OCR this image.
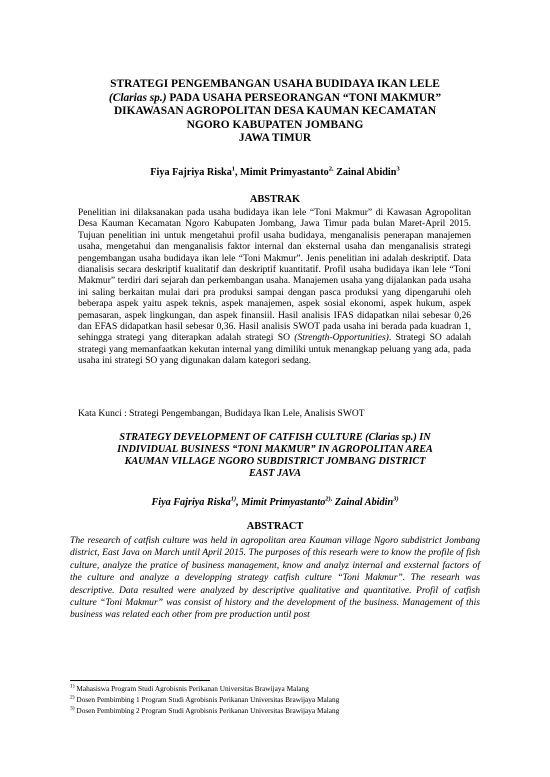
STRATEGI PENGEMBANGAN USAHA BUDIDAYA IKAN LELE
(Clarias sp.) PADA USAHA PERSEORANGAN “TONI MAKMUR”
DIKAWASAN AGROPOLITAN DESA KAUMAN KECAMATAN
NGORO KABUPATEN JOMBANG
JAWA TIMUR
Fiya Fajriya Riska$^1$, Mimit Primyastanto$^{2,}$ Zainal Abidin$^3$
ABSTRAK

Penelitian ini dilaksanakan pada usaha budidaya ikan lele “Toni Makmur” di Kawasan Agropolitan Desa Kauman Kecamatan Ngoro Kabupaten Jombang, Jawa Timur pada bulan Maret-April 2015. Tujuan penelitian ini untuk mengetahui profil usaha budidaya, menganalisis penerapan manajemen usaha, mengetahui dan menganalisis faktor internal dan eksternal usaha dan menganalisis strategi pengembangan usaha budidaya ikan lele “Toni Makmur”. Jenis penelitian ini adalah deskriptif. Data dianalisis secara deskriptif kualitatif dan deskriptif kuantitatif. Profil usaha budidaya ikan lele “Toni Makmur” terdiri dari sejarah dan perkembangan usaha. Manajemen usaha yang dijalankan pada usaha ini saling berkaitan mulai dari pra produksi sampai dengan pasca produksi yang dipengaruhi oleh beberapa aspek yaitu aspek teknis, aspek manajemen, aspek sosial ekonomi, aspek hukum, aspek pemasaran, aspek lingkungan, dan aspek finansiil. Hasil analisis IFAS didapatkan nilai sebesar 0,26 dan EFAS didapatkan hasil sebesar 0,36. Hasil analisis SWOT pada usaha ini berada pada kuadran 1, sehingga strategi yang diterapkan adalah strategi SO (Strength-Opportunities). Strategi SO adalah strategi yang memanfaatkan kekutan internal yang dimiliki untuk menangkap peluang yang ada, pada usaha ini strategi SO yang digunakan dalam kategori sedang.

Kata Kunci : Strategi Pengembangan, Budidaya Ikan Lele, Analisis SWOT
STRATEGY DEVELOPMENT OF CATFISH CULTURE (Clarias sp.) IN
INDIVIDUAL BUSINESS “TONI MAKMUR” IN AGROPOLITAN AREA
KAUMAN VILLAGE NGORO SUBDISTRICT JOMBANG DISTRICT
EAST JAVA
Fiya Fajriya Riska$^{1)}$, Mimit Primyastanto$^{2),}$ Zainal Abidin$^{3)}$
ABSTRACT

The research of catfish culture was held in agropolitan area Kauman village Ngoro subdistrict Jombang district, East Java on March until April 2015. The purposes of this researh were to know the profile of fish culture, analyze the pratice of business management, know and analyz internal and exsternal factors of the culture and analyze a developping strategy catfish culture “Toni Makmur”. The researh was descriptive. Data resulted were analyzed by descriptive qualitative and quantitative. Profil of catfish culture “Toni Makmur” was consist of history and the development of the business. Management of this business was related each other from pre production until post

$^{1)}$ Mahasiswa Program Studi Agrobisnis Perikanan Universitas Brawijaya Malang
$^{2)}$ Dosen Pembimbing 1 Program Studi Agrobisnis Perikanan Universitas Brawijaya Malang
$^{3)}$ Dosen Pembimbing 2 Program Studi Agrobisnis Perikanan Universitas Brawijaya Malang
